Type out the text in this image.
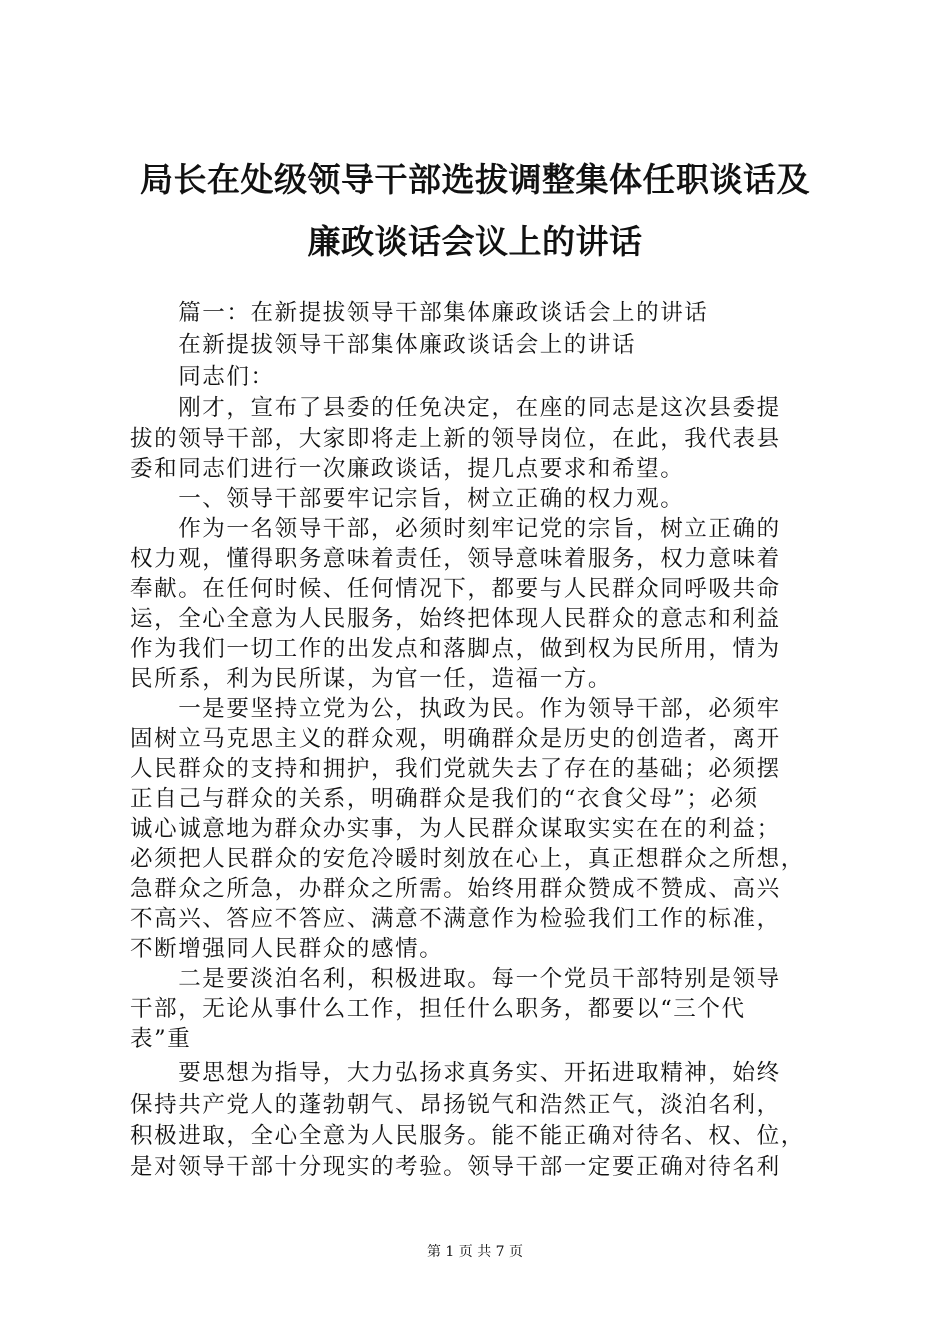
局长在处级领导干部选拔调整集体任职谈话及
廉政谈话会议上的讲话
　　篇一：在新提拔领导干部集体廉政谈话会上的讲话
　　在新提拔领导干部集体廉政谈话会上的讲话
　　同志们：
　　刚才，宣布了县委的任免决定，在座的同志是这次县委提
拔的领导干部，大家即将走上新的领导岗位，在此，我代表县
委和同志们进行一次廉政谈话，提几点要求和希望。
　　一、领导干部要牢记宗旨，树立正确的权力观。
　　作为一名领导干部，必须时刻牢记党的宗旨，树立正确的
权力观，懂得职务意味着责任，领导意味着服务，权力意味着
奉献。在任何时候、任何情况下，都要与人民群众同呼吸共命
运，全心全意为人民服务，始终把体现人民群众的意志和利益
作为我们一切工作的出发点和落脚点，做到权为民所用，情为
民所系，利为民所谋，为官一任，造福一方。
　　一是要坚持立党为公，执政为民。作为领导干部，必须牢
固树立马克思主义的群众观，明确群众是历史的创造者，离开
人民群众的支持和拥护，我们党就失去了存在的基础；必须摆
正自己与群众的关系，明确群众是我们的“衣食父母”；必须
诚心诚意地为群众办实事，为人民群众谋取实实在在的利益；
必须把人民群众的安危冷暖时刻放在心上，真正想群众之所想，
急群众之所急，办群众之所需。始终用群众赞成不赞成、高兴
不高兴、答应不答应、满意不满意作为检验我们工作的标准，
不断增强同人民群众的感情。
　　二是要淡泊名利，积极进取。每一个党员干部特别是领导
干部，无论从事什么工作，担任什么职务，都要以“三个代
表”重
　　要思想为指导，大力弘扬求真务实、开拓进取精神，始终
保持共产党人的蓬勃朝气、昂扬锐气和浩然正气，淡泊名利，
积极进取，全心全意为人民服务。能不能正确对待名、权、位，
是对领导干部十分现实的考验。领导干部一定要正确对待名利
第 1 页 共 7 页
